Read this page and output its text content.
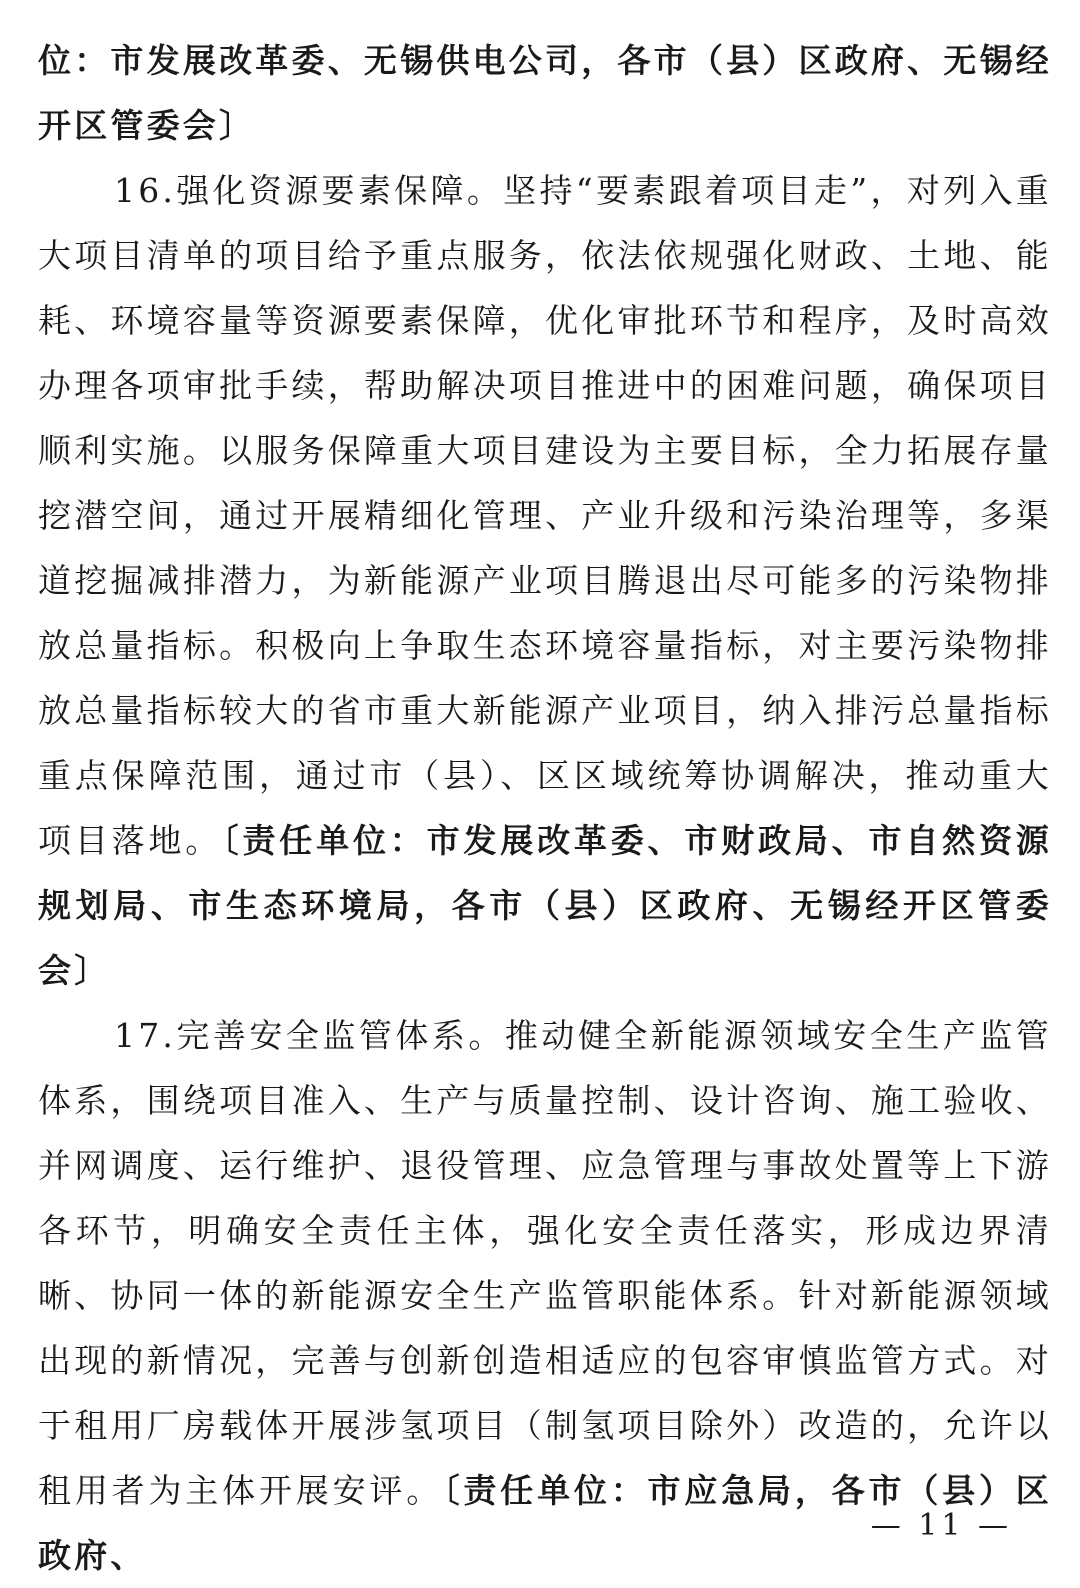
位：市发展改革委、无锡供电公司，各市（县）区政府、无锡经开区管委会〕

16.强化资源要素保障。坚持“要素跟着项目走”，对列入重大项目清单的项目给予重点服务，依法依规强化财政、土地、能耗、环境容量等资源要素保障，优化审批环节和程序，及时高效办理各项审批手续，帮助解决项目推进中的困难问题，确保项目顺利实施。以服务保障重大项目建设为主要目标，全力拓展存量挖潜空间，通过开展精细化管理、产业升级和污染治理等，多渠道挖掘减排潜力，为新能源产业项目腾退出尽可能多的污染物排放总量指标。积极向上争取生态环境容量指标，对主要污染物排放总量指标较大的省市重大新能源产业项目，纳入排污总量指标重点保障范围，通过市（县）、区区域统筹协调解决，推动重大项目落地。〔责任单位：市发展改革委、市财政局、市自然资源规划局、市生态环境局，各市（县）区政府、无锡经开区管委会〕

17.完善安全监管体系。推动健全新能源领域安全生产监管体系，围绕项目准入、生产与质量控制、设计咨询、施工验收、并网调度、运行维护、退役管理、应急管理与事故处置等上下游各环节，明确安全责任主体，强化安全责任落实，形成边界清晰、协同一体的新能源安全生产监管职能体系。针对新能源领域出现的新情况，完善与创新创造相适应的包容审慎监管方式。对于租用厂房载体开展涉氢项目（制氢项目除外）改造的，允许以租用者为主体开展安评。〔责任单位：市应急局，各市（县）区政府、

— 11 —
